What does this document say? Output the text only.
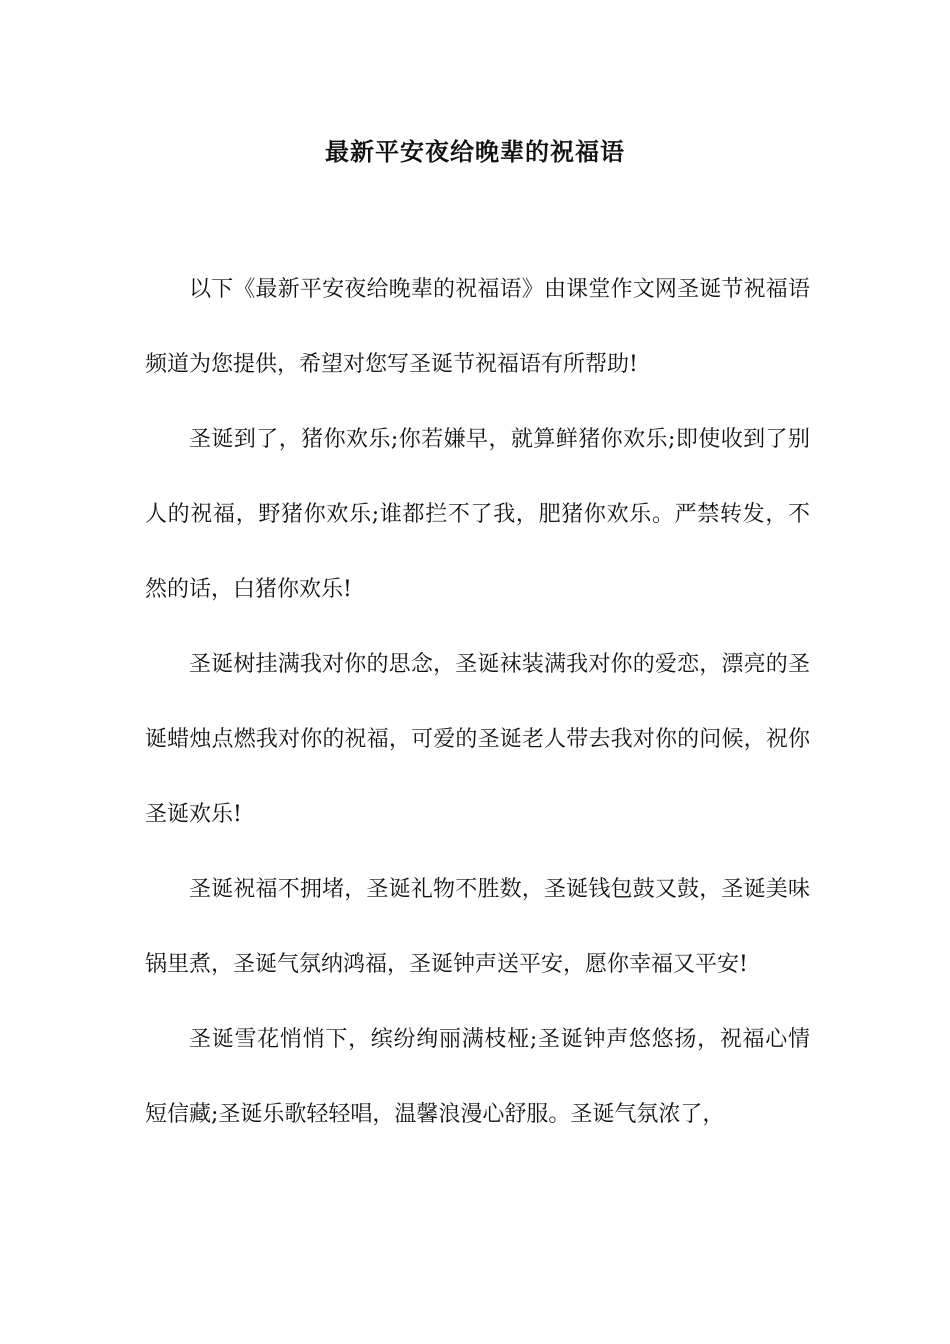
最新平安夜给晚辈的祝福语

以下《最新平安夜给晚辈的祝福语》由课堂作文网圣诞节祝福语频道为您提供，希望对您写圣诞节祝福语有所帮助!

圣诞到了，猪你欢乐;你若嫌早，就算鲜猪你欢乐;即使收到了别人的祝福，野猪你欢乐;谁都拦不了我，肥猪你欢乐。严禁转发，不然的话，白猪你欢乐!

圣诞树挂满我对你的思念，圣诞袜装满我对你的爱恋，漂亮的圣诞蜡烛点燃我对你的祝福，可爱的圣诞老人带去我对你的问候，祝你圣诞欢乐!

圣诞祝福不拥堵，圣诞礼物不胜数，圣诞钱包鼓又鼓，圣诞美味锅里煮，圣诞气氛纳鸿福，圣诞钟声送平安，愿你幸福又平安!

圣诞雪花悄悄下，缤纷绚丽满枝桠;圣诞钟声悠悠扬，祝福心情短信藏;圣诞乐歌轻轻唱，温馨浪漫心舒服。圣诞气氛浓了，
